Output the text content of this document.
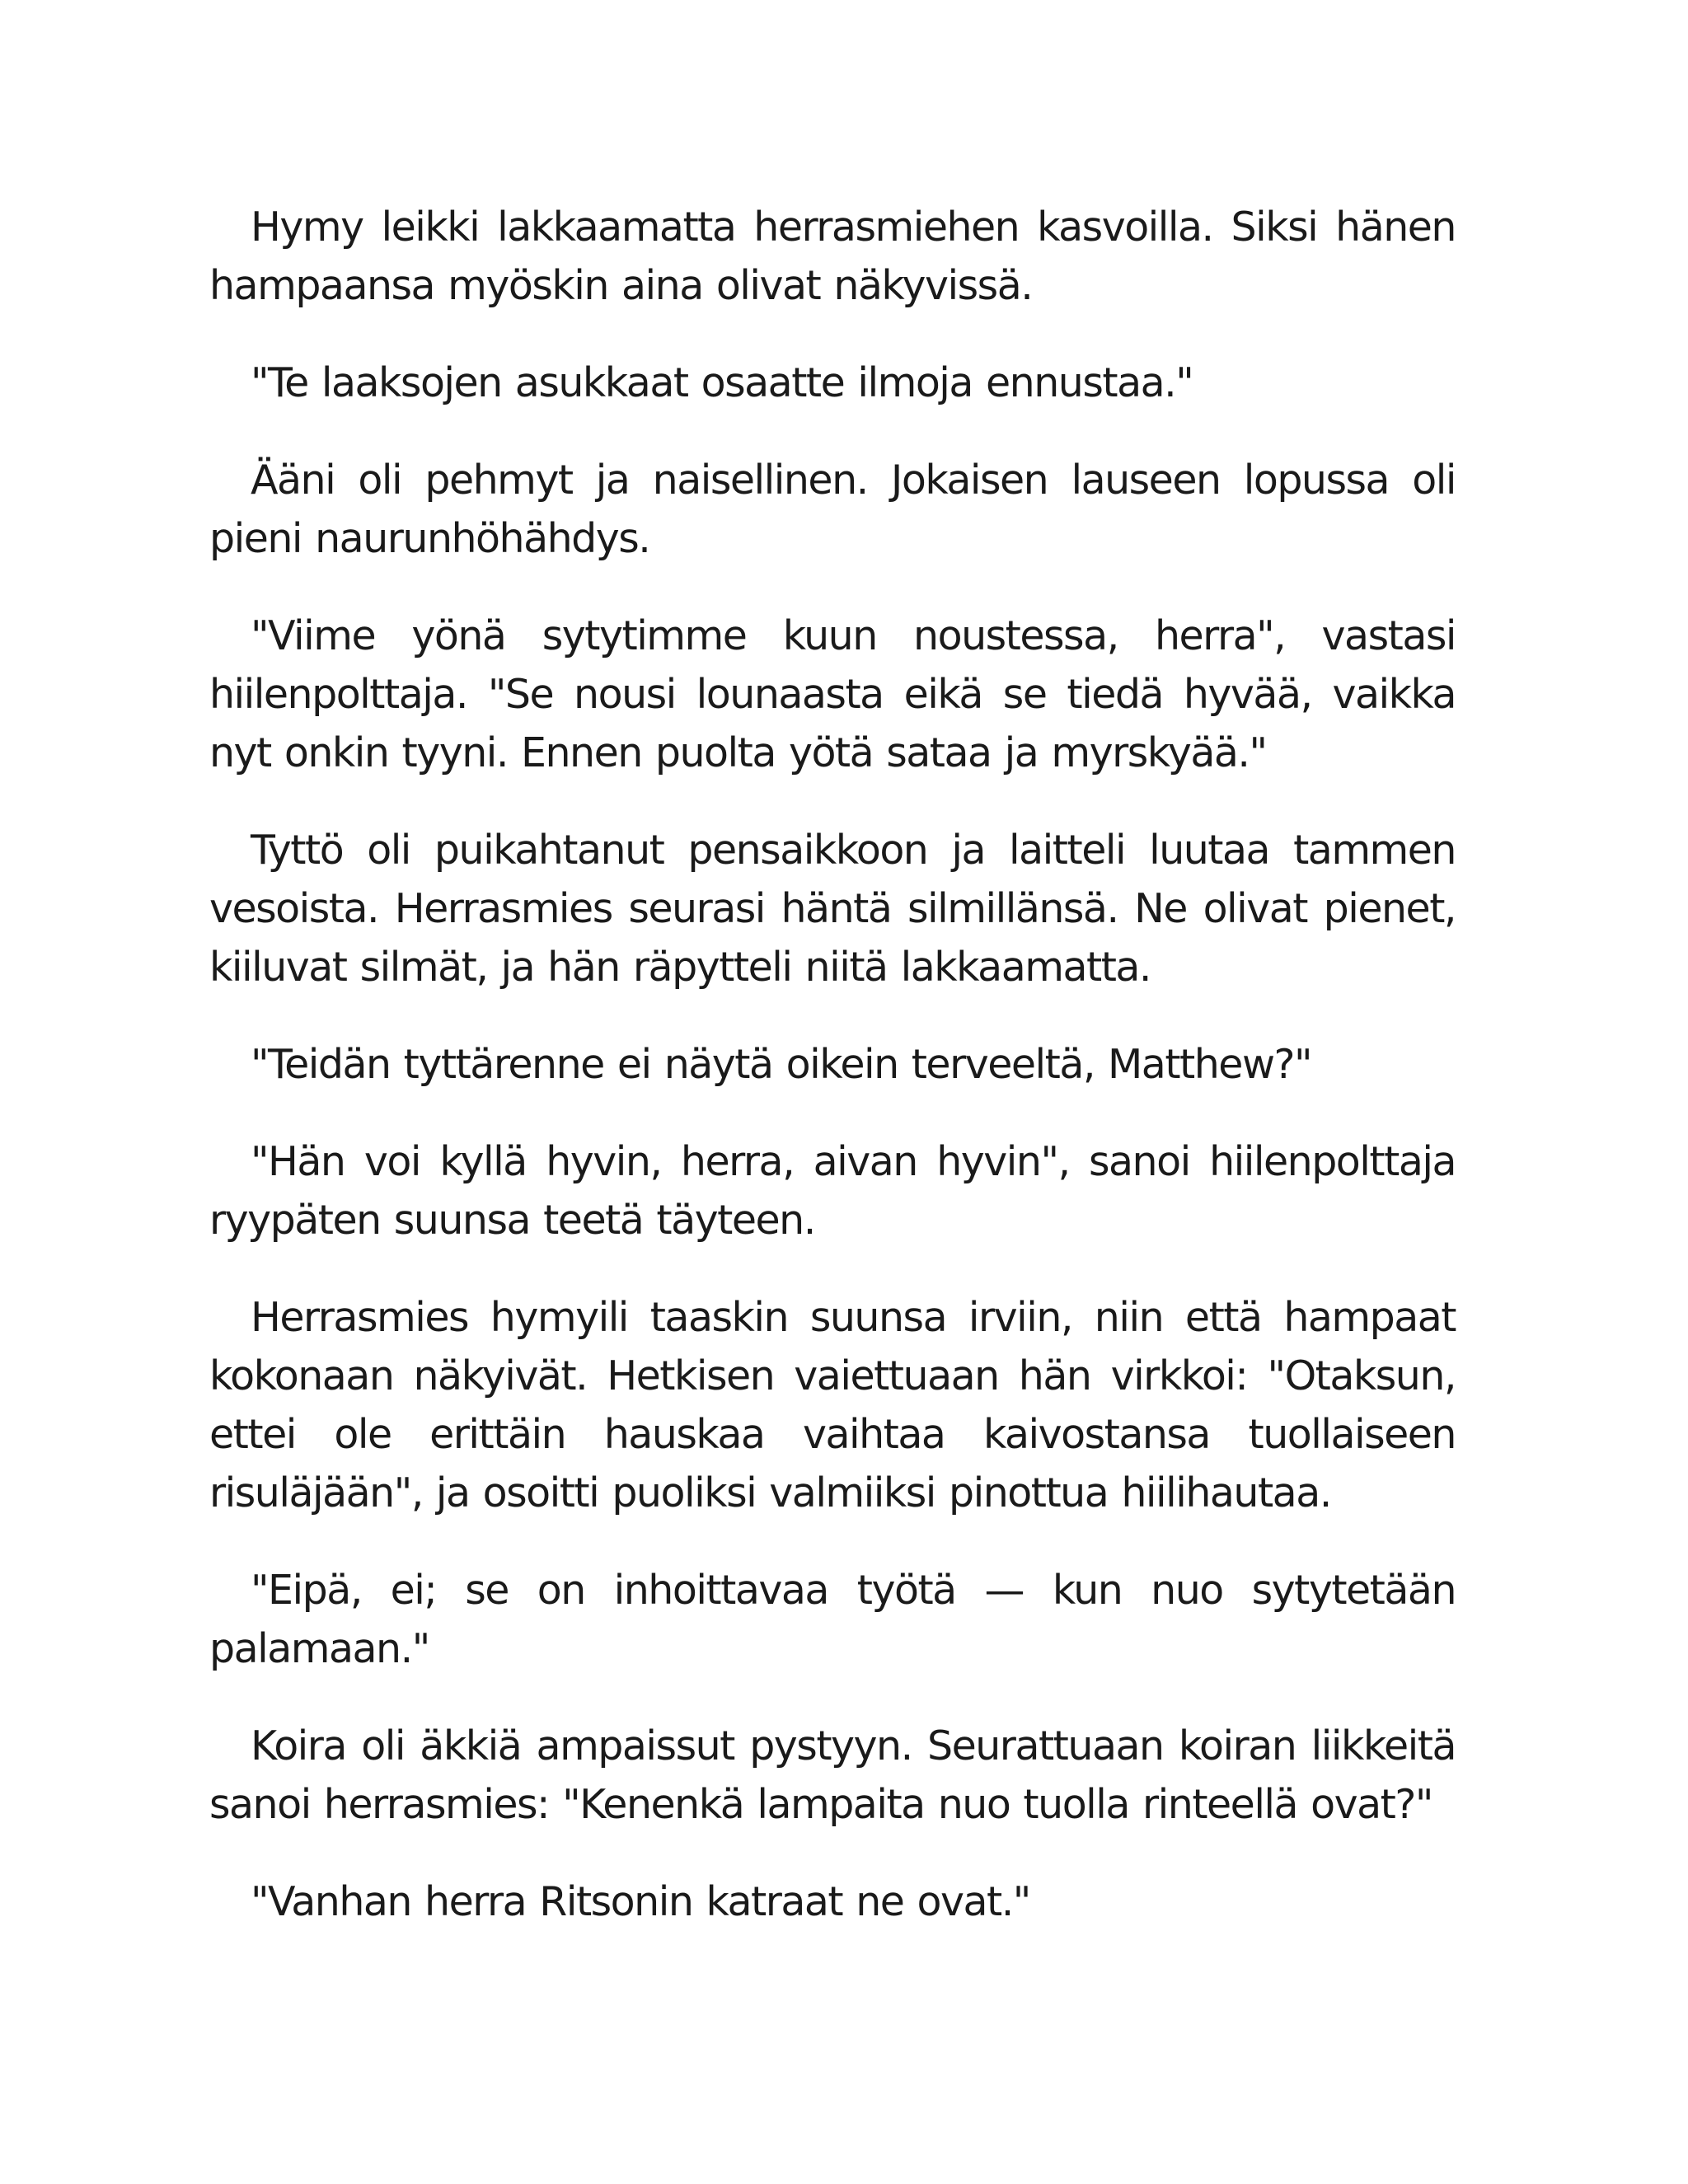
Hymy leikki lakkaamatta herrasmiehen kasvoilla. Siksi hänen hampaansa myöskin aina olivat näkyvissä.

"Te laaksojen asukkaat osaatte ilmoja ennustaa."

Ääni oli pehmyt ja naisellinen. Jokaisen lauseen lopussa oli pieni naurunhöhähdys.

"Viime yönä sytytimme kuun noustessa, herra", vastasi hiilenpolttaja. "Se nousi lounaasta eikä se tiedä hyvää, vaikka nyt onkin tyyni. Ennen puolta yötä sataa ja myrskyää."

Tyttö oli puikahtanut pensaikkoon ja laitteli luutaa tammen vesoista. Herrasmies seurasi häntä silmillänsä. Ne olivat pienet, kiiluvat silmät, ja hän räpytteli niitä lakkaamatta.

"Teidän tyttärenne ei näytä oikein terveeltä, Matthew?"

"Hän voi kyllä hyvin, herra, aivan hyvin", sanoi hiilenpolttaja ryypäten suunsa teetä täyteen.

Herrasmies hymyili taaskin suunsa irviin, niin että hampaat kokonaan näkyivät. Hetkisen vaiettuaan hän virkkoi: "Otaksun, ettei ole erittäin hauskaa vaihtaa kaivostansa tuollaiseen risuläjään", ja osoitti puoliksi valmiiksi pinottua hiilihautaa.

"Eipä, ei; se on inhoittavaa työtä — kun nuo sytytetään palamaan."

Koira oli äkkiä ampaissut pystyyn. Seurattuaan koiran liikkeitä sanoi herrasmies: "Kenenkä lampaita nuo tuolla rinteellä ovat?"

"Vanhan herra Ritsonin katraat ne ovat."
